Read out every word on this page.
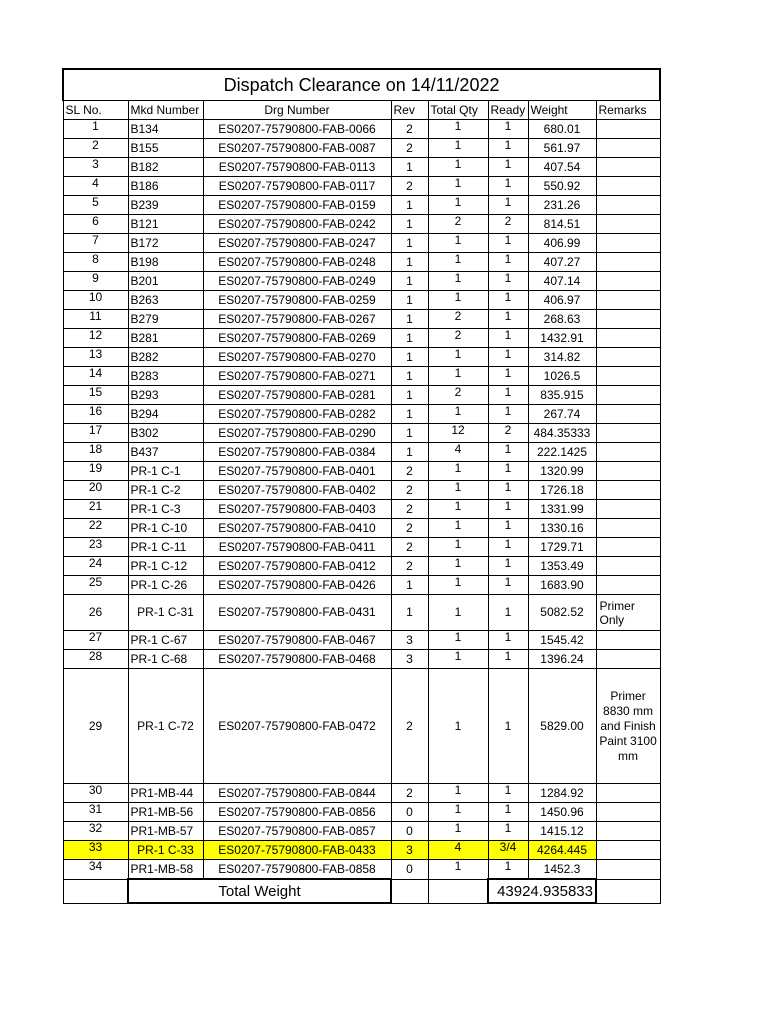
Dispatch Clearance on 14/11/2022							
SL No.	Mkd Number	Drg Number	Rev	Total Qty	Ready	Weight	Remarks
1	B134	ES0207-75790800-FAB-0066	2	1	1	680.01	
2	B155	ES0207-75790800-FAB-0087	2	1	1	561.97	
3	B182	ES0207-75790800-FAB-0113	1	1	1	407.54	
4	B186	ES0207-75790800-FAB-0117	2	1	1	550.92	
5	B239	ES0207-75790800-FAB-0159	1	1	1	231.26	
6	B121	ES0207-75790800-FAB-0242	1	2	2	814.51	
7	B172	ES0207-75790800-FAB-0247	1	1	1	406.99	
8	B198	ES0207-75790800-FAB-0248	1	1	1	407.27	
9	B201	ES0207-75790800-FAB-0249	1	1	1	407.14	
10	B263	ES0207-75790800-FAB-0259	1	1	1	406.97	
11	B279	ES0207-75790800-FAB-0267	1	2	1	268.63	
12	B281	ES0207-75790800-FAB-0269	1	2	1	1432.91	
13	B282	ES0207-75790800-FAB-0270	1	1	1	314.82	
14	B283	ES0207-75790800-FAB-0271	1	1	1	1026.5	
15	B293	ES0207-75790800-FAB-0281	1	2	1	835.915	
16	B294	ES0207-75790800-FAB-0282	1	1	1	267.74	
17	B302	ES0207-75790800-FAB-0290	1	12	2	484.35333	
18	B437	ES0207-75790800-FAB-0384	1	4	1	222.1425	
19	PR-1 C-1	ES0207-75790800-FAB-0401	2	1	1	1320.99	
20	PR-1 C-2	ES0207-75790800-FAB-0402	2	1	1	1726.18	
21	PR-1 C-3	ES0207-75790800-FAB-0403	2	1	1	1331.99	
22	PR-1 C-10	ES0207-75790800-FAB-0410	2	1	1	1330.16	
23	PR-1 C-11	ES0207-75790800-FAB-0411	2	1	1	1729.71	
24	PR-1 C-12	ES0207-75790800-FAB-0412	2	1	1	1353.49	
25	PR-1 C-26	ES0207-75790800-FAB-0426	1	1	1	1683.90	
26	PR-1 C-31	ES0207-75790800-FAB-0431	1	1	1	5082.52	Primer Only
27	PR-1 C-67	ES0207-75790800-FAB-0467	3	1	1	1545.42	
28	PR-1 C-68	ES0207-75790800-FAB-0468	3	1	1	1396.24	
29	PR-1 C-72	ES0207-75790800-FAB-0472	2	1	1	5829.00	Primer 8830 mm and Finish Paint 3100 mm
30	PR1-MB-44	ES0207-75790800-FAB-0844	2	1	1	1284.92	
31	PR1-MB-56	ES0207-75790800-FAB-0856	0	1	1	1450.96	
32	PR1-MB-57	ES0207-75790800-FAB-0857	0	1	1	1415.12	
33	PR-1 C-33	ES0207-75790800-FAB-0433	3	4	3/4	4264.445	
34	PR1-MB-58	ES0207-75790800-FAB-0858	0	1	1	1452.3	
	Total Weight				43924.935833		
